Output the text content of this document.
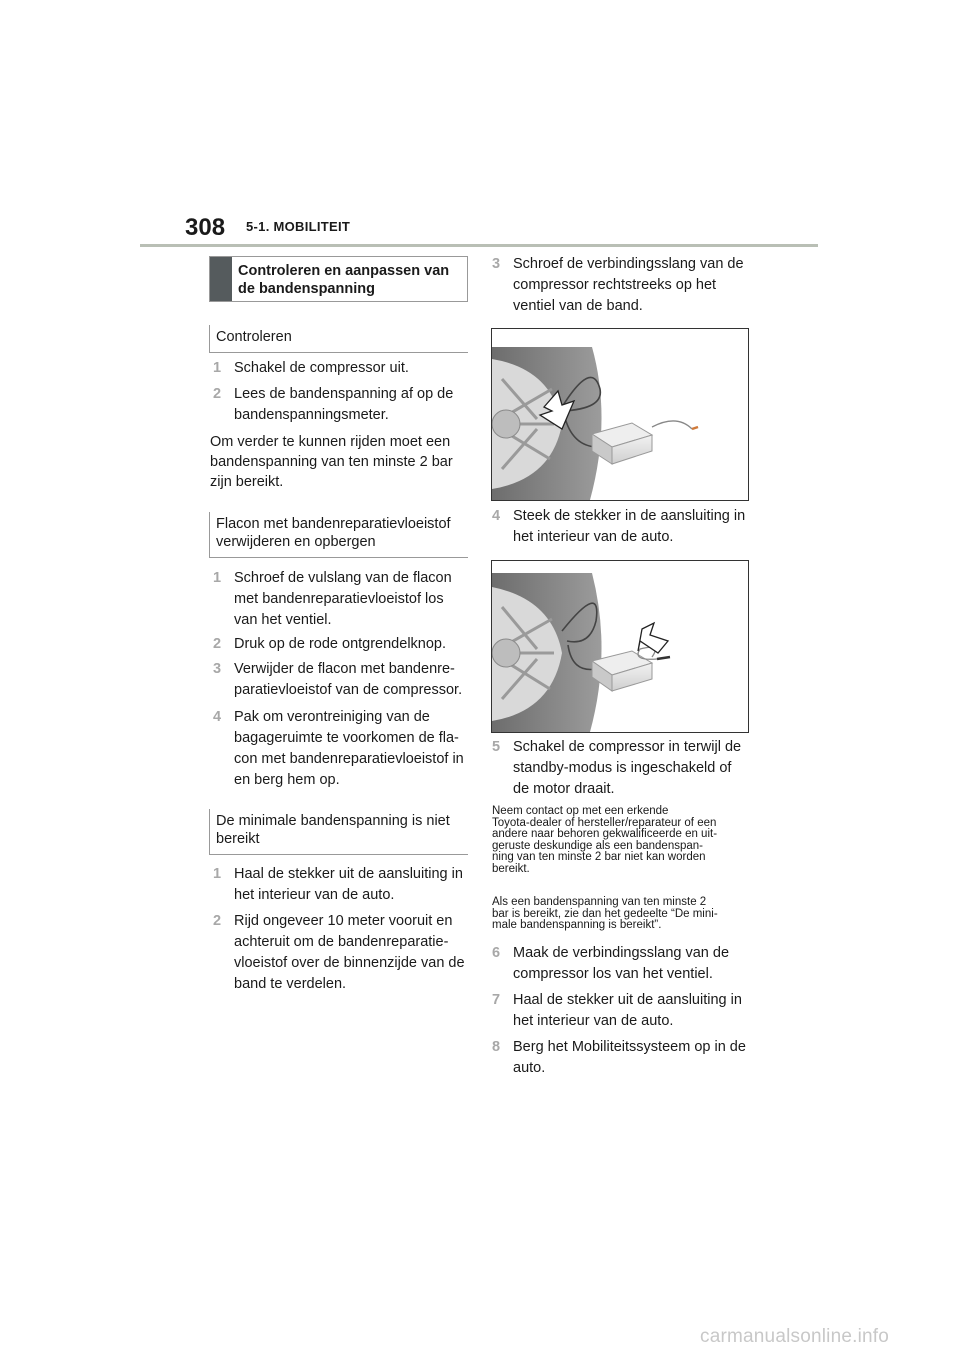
308 5-1. MOBILITEIT
Controleren en aanpassen van
de bandenspanning
Controleren
1 Schakel de compressor uit.
2 Lees de bandenspanning af op de
bandenspanningsmeter.
Om verder te kunnen rijden moet een
bandenspanning van ten minste 2 bar
zijn bereikt.
Flacon met bandenreparatievloeistof
verwijderen en opbergen
1 Schroef de vulslang van de flacon
met bandenreparatievloeistof los
van het ventiel.
2 Druk op de rode ontgrendelknop.
3 Verwijder de flacon met bandenre-
paratievloeistof van de compressor.
4 Pak om verontreiniging van de
bagageruimte te voorkomen de fla-
con met bandenreparatievloeistof in
en berg hem op.
De minimale bandenspanning is niet
bereikt
1 Haal de stekker uit de aansluiting in
het interieur van de auto.
2 Rijd ongeveer 10 meter vooruit en
achteruit om de bandenreparatie-
vloeistof over de binnenzijde van de
band te verdelen.
3 Schroef de verbindingsslang van de
compressor rechtstreeks op het
ventiel van de band.
4 Steek de stekker in de aansluiting in
het interieur van de auto.
5 Schakel de compressor in terwijl de
standby-modus is ingeschakeld of
de motor draait.
Neem contact op met een erkende
Toyota-dealer of hersteller/reparateur of een
andere naar behoren gekwalificeerde en uit-
geruste deskundige als een bandenspan-
ning van ten minste 2 bar niet kan worden
bereikt.
Als een bandenspanning van ten minste 2
bar is bereikt, zie dan het gedeelte “De mini-
male bandenspanning is bereikt”.
6 Maak de verbindingsslang van de
compressor los van het ventiel.
7 Haal de stekker uit de aansluiting in
het interieur van de auto.
8 Berg het Mobiliteitssysteem op in de
auto.
carmanualsonline.info
